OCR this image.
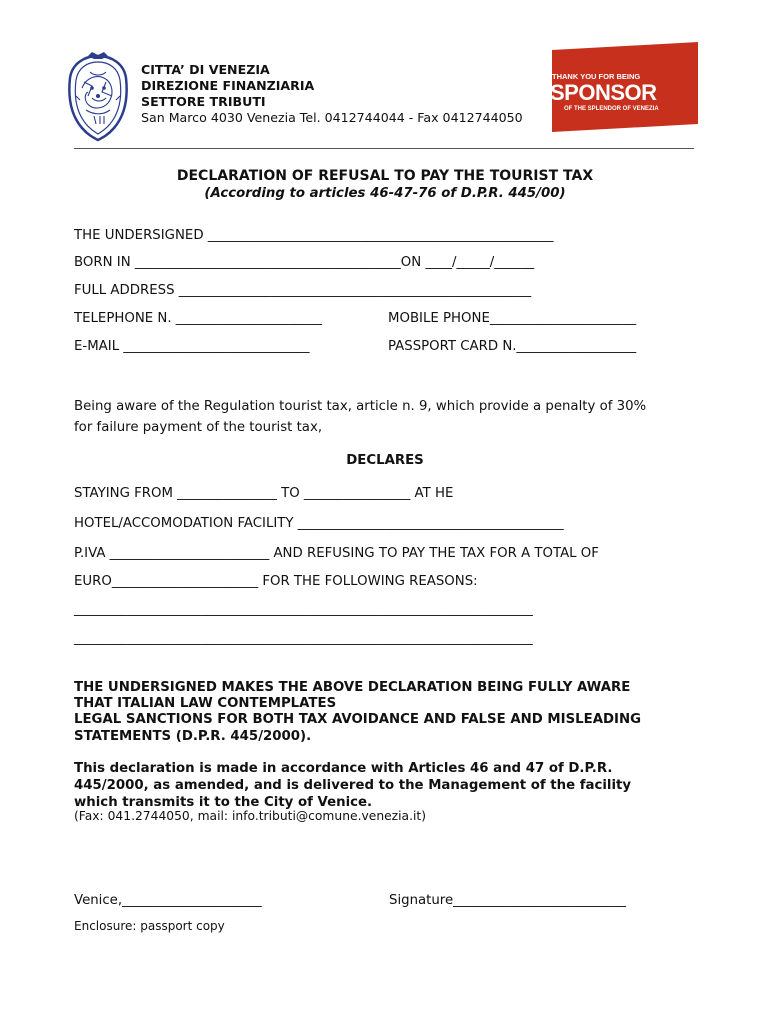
CITTA’ DI VENEZIA
DIREZIONE FINANZIARIA
SETTORE TRIBUTI
San Marco 4030 Venezia Tel. 0412744044 - Fax 0412744050
THANK YOU FOR BEING
SPONSOR
OF THE SPLENDOR OF VENEZIA
DECLARATION OF REFUSAL TO PAY THE TOURIST TAX
(According to articles 46-47-76 of D.P.R. 445/00)
THE UNDERSIGNED ____________________________________________________
BORN IN ________________________________________ON ____/_____/______
FULL ADDRESS _____________________________________________________
TELEPHONE N. ______________________	MOBILE PHONE______________________
E-MAIL ____________________________	PASSPORT CARD N.__________________
Being aware of the Regulation tourist tax, article n. 9, which provide a penalty of 30%
for failure payment of the tourist tax,
DECLARES
STAYING FROM _______________ TO ________________ AT HE
HOTEL/ACCOMODATION FACILITY ________________________________________
P.IVA ________________________ AND REFUSING TO PAY THE TAX FOR A TOTAL OF
EURO______________________ FOR THE FOLLOWING REASONS:
_____________________________________________________________________
_____________________________________________________________________
THE UNDERSIGNED MAKES THE ABOVE DECLARATION BEING FULLY AWARE
THAT ITALIAN LAW CONTEMPLATES
LEGAL SANCTIONS FOR BOTH TAX AVOIDANCE AND FALSE AND MISLEADING
STATEMENTS (D.P.R. 445/2000).
This declaration is made in accordance with Articles 46 and 47 of D.P.R.
445/2000, as amended, and is delivered to the Management of the facility
which transmits it to the City of Venice.
(Fax: 041.2744050, mail: info.tributi@comune.venezia.it)
Venice,_____________________	Signature__________________________
Enclosure: passport copy
